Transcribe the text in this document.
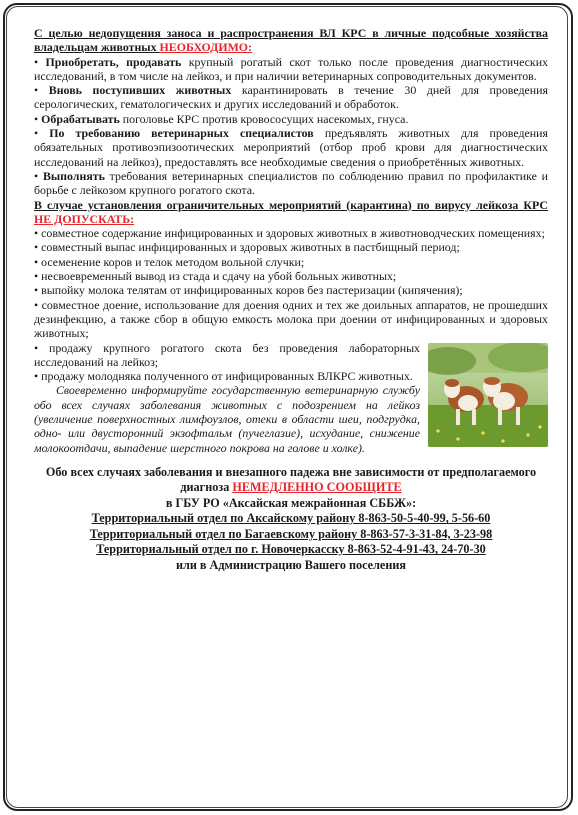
С целью недопущения заноса и распространения ВЛ КРС в личные подсобные хозяйства владельцам животных НЕОБХОДИМО:

• Приобретать, продавать крупный рогатый скот только после проведения диагностических исследований, в том числе на лейкоз, и при наличии ветеринарных сопроводительных документов.

• Вновь поступивших животных карантинировать в течение 30 дней для проведения серологических, гематологических и других исследований и обработок.

• Обрабатывать поголовье КРС против кровососущих насекомых, гнуса.

• По требованию ветеринарных специалистов предъявлять животных для проведения обязательных противоэпизоотических мероприятий (отбор проб крови для диагностических исследований на лейкоз), предоставлять все необходимые сведения о приобретённых животных.

• Выполнять требования ветеринарных специалистов по соблюдению правил по профилактике и борьбе с лейкозом крупного рогатого скота.

В случае установления ограничительных мероприятий (карантина) по вирусу лейкоза КРС НЕ ДОПУСКАТЬ:

• совместное содержание инфицированных и здоровых животных в животноводческих помещениях;

• совместный выпас инфицированных и здоровых животных в пастбищный период;

• осеменение коров и телок методом вольной случки;

• несвоевременный вывод из стада и сдачу на убой больных животных;

• выпойку молока телятам от инфицированных коров без пастеризации (кипячения);

• совместное доение, использование для доения одних и тех же доильных аппаратов, не прошедших дезинфекцию, а также сбор в общую емкость молока при доении от инфицированных и здоровых животных;

• продажу крупного рогатого скота без проведения лабораторных исследований на лейкоз;

• продажу молодняка полученного от инфицированных ВЛКРС животных.

Своевременно информируйте государственную ветеринарную службу обо всех случаях заболевания животных с подозрением на лейкоз (увеличение поверхностных лимфоузлов, отеки в области шеи, подгрудка, одно- или двусторонний экзофтальм (пучеглазие), исхудание, снижение молокоотдачи, выпадение шерстного покрова на голове и холке).

Обо всех случаях заболевания и внезапного падежа вне зависимости от предполагаемого диагноза НЕМЕДЛЕННО СООБЩИТЕ
в ГБУ РО «Аксайская межрайонная СББЖ»:
Территориальный отдел по Аксайскому району 8-863-50-5-40-99, 5-56-60
Территориальный отдел по Багаевскому району 8-863-57-3-31-84, 3-23-98
Территориальный отдел по г. Новочеркасску 8-863-52-4-91-43, 24-70-30
или в Администрацию Вашего поселения
